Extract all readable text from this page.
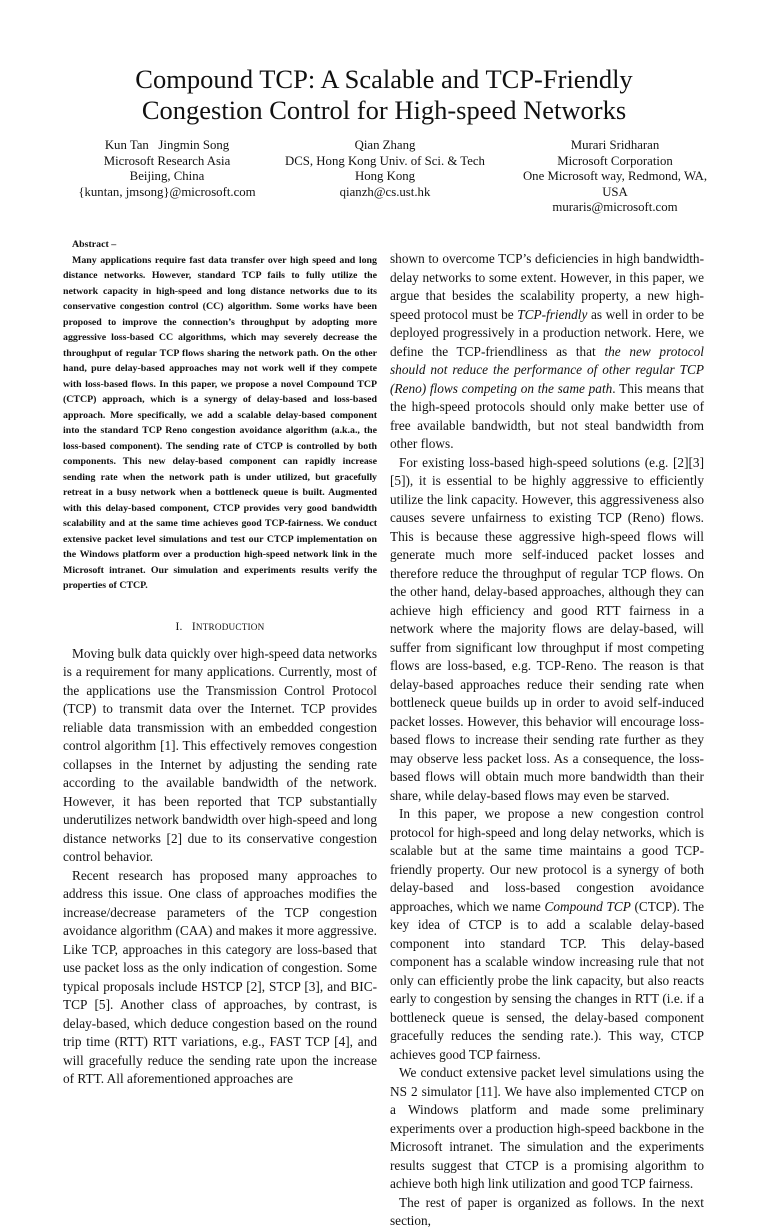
Compound TCP: A Scalable and TCP-Friendly
Congestion Control for High-speed Networks
Kun Tan   Jingmin Song
Microsoft Research Asia
Beijing, China
{kuntan, jmsong}@microsoft.com
Qian Zhang
DCS, Hong Kong Univ. of Sci. & Tech
Hong Kong
qianzh@cs.ust.hk
Murari Sridharan
Microsoft Corporation
One Microsoft way, Redmond, WA,
USA
muraris@microsoft.com
Abstract –
Many applications require fast data transfer over high speed and long distance networks. However, standard TCP fails to fully utilize the network capacity in high-speed and long distance networks due to its conservative congestion control (CC) algorithm. Some works have been proposed to improve the connection’s throughput by adopting more aggressive loss-based CC algorithms, which may severely decrease the throughput of regular TCP flows sharing the network path. On the other hand, pure delay-based approaches may not work well if they compete with loss-based flows. In this paper, we propose a novel Compound TCP (CTCP) approach, which is a synergy of delay-based and loss-based approach. More specifically, we add a scalable delay-based component into the standard TCP Reno congestion avoidance algorithm (a.k.a., the loss-based component). The sending rate of CTCP is controlled by both components. This new delay-based component can rapidly increase sending rate when the network path is under utilized, but gracefully retreat in a busy network when a bottleneck queue is built. Augmented with this delay-based component, CTCP provides very good bandwidth scalability and at the same time achieves good TCP-fairness. We conduct extensive packet level simulations and test our CTCP implementation on the Windows platform over a production high-speed network link in the Microsoft intranet. Our simulation and experiments results verify the properties of CTCP.
I. INTRODUCTION

Moving bulk data quickly over high-speed data networks is a requirement for many applications. Currently, most of the applications use the Transmission Control Protocol (TCP) to transmit data over the Internet. TCP provides reliable data transmission with an embedded congestion control algorithm [1]. This effectively removes congestion collapses in the Internet by adjusting the sending rate according to the available bandwidth of the network. However, it has been reported that TCP substantially underutilizes network bandwidth over high-speed and long distance networks [2] due to its conservative congestion control behavior.

Recent research has proposed many approaches to address this issue. One class of approaches modifies the increase/decrease parameters of the TCP congestion avoidance algorithm (CAA) and makes it more aggressive. Like TCP, approaches in this category are loss-based that use packet loss as the only indication of congestion. Some typical proposals include HSTCP [2], STCP [3], and BIC-TCP [5]. Another class of approaches, by contrast, is delay-based, which deduce congestion based on the round trip time (RTT) RTT variations, e.g., FAST TCP [4], and will gracefully reduce the sending rate upon the increase of RTT. All aforementioned approaches are

shown to overcome TCP’s deficiencies in high bandwidth-delay networks to some extent. However, in this paper, we argue that besides the scalability property, a new high-speed protocol must be TCP-friendly as well in order to be deployed progressively in a production network. Here, we define the TCP-friendliness as that the new protocol should not reduce the performance of other regular TCP (Reno) flows competing on the same path. This means that the high-speed protocols should only make better use of free available bandwidth, but not steal bandwidth from other flows.

For existing loss-based high-speed solutions (e.g. [2][3][5]), it is essential to be highly aggressive to efficiently utilize the link capacity. However, this aggressiveness also causes severe unfairness to existing TCP (Reno) flows. This is because these aggressive high-speed flows will generate much more self-induced packet losses and therefore reduce the throughput of regular TCP flows. On the other hand, delay-based approaches, although they can achieve high efficiency and good RTT fairness in a network where the majority flows are delay-based, will suffer from significant low throughput if most competing flows are loss-based, e.g. TCP-Reno. The reason is that delay-based approaches reduce their sending rate when bottleneck queue builds up in order to avoid self-induced packet losses. However, this behavior will encourage loss-based flows to increase their sending rate further as they may observe less packet loss. As a consequence, the loss-based flows will obtain much more bandwidth than their share, while delay-based flows may even be starved.

In this paper, we propose a new congestion control protocol for high-speed and long delay networks, which is scalable but at the same time maintains a good TCP-friendly property. Our new protocol is a synergy of both delay-based and loss-based congestion avoidance approaches, which we name Compound TCP (CTCP). The key idea of CTCP is to add a scalable delay-based component into standard TCP. This delay-based component has a scalable window increasing rule that not only can efficiently probe the link capacity, but also reacts early to congestion by sensing the changes in RTT (i.e. if a bottleneck queue is sensed, the delay-based component gracefully reduces the sending rate.). This way, CTCP achieves good TCP fairness.

We conduct extensive packet level simulations using the NS 2 simulator [11]. We have also implemented CTCP on a Windows platform and made some preliminary experiments over a production high-speed backbone in the Microsoft intranet. The simulation and the experiments results suggest that CTCP is a promising algorithm to achieve both high link utilization and good TCP fairness.

The rest of paper is organized as follows. In the next section,
